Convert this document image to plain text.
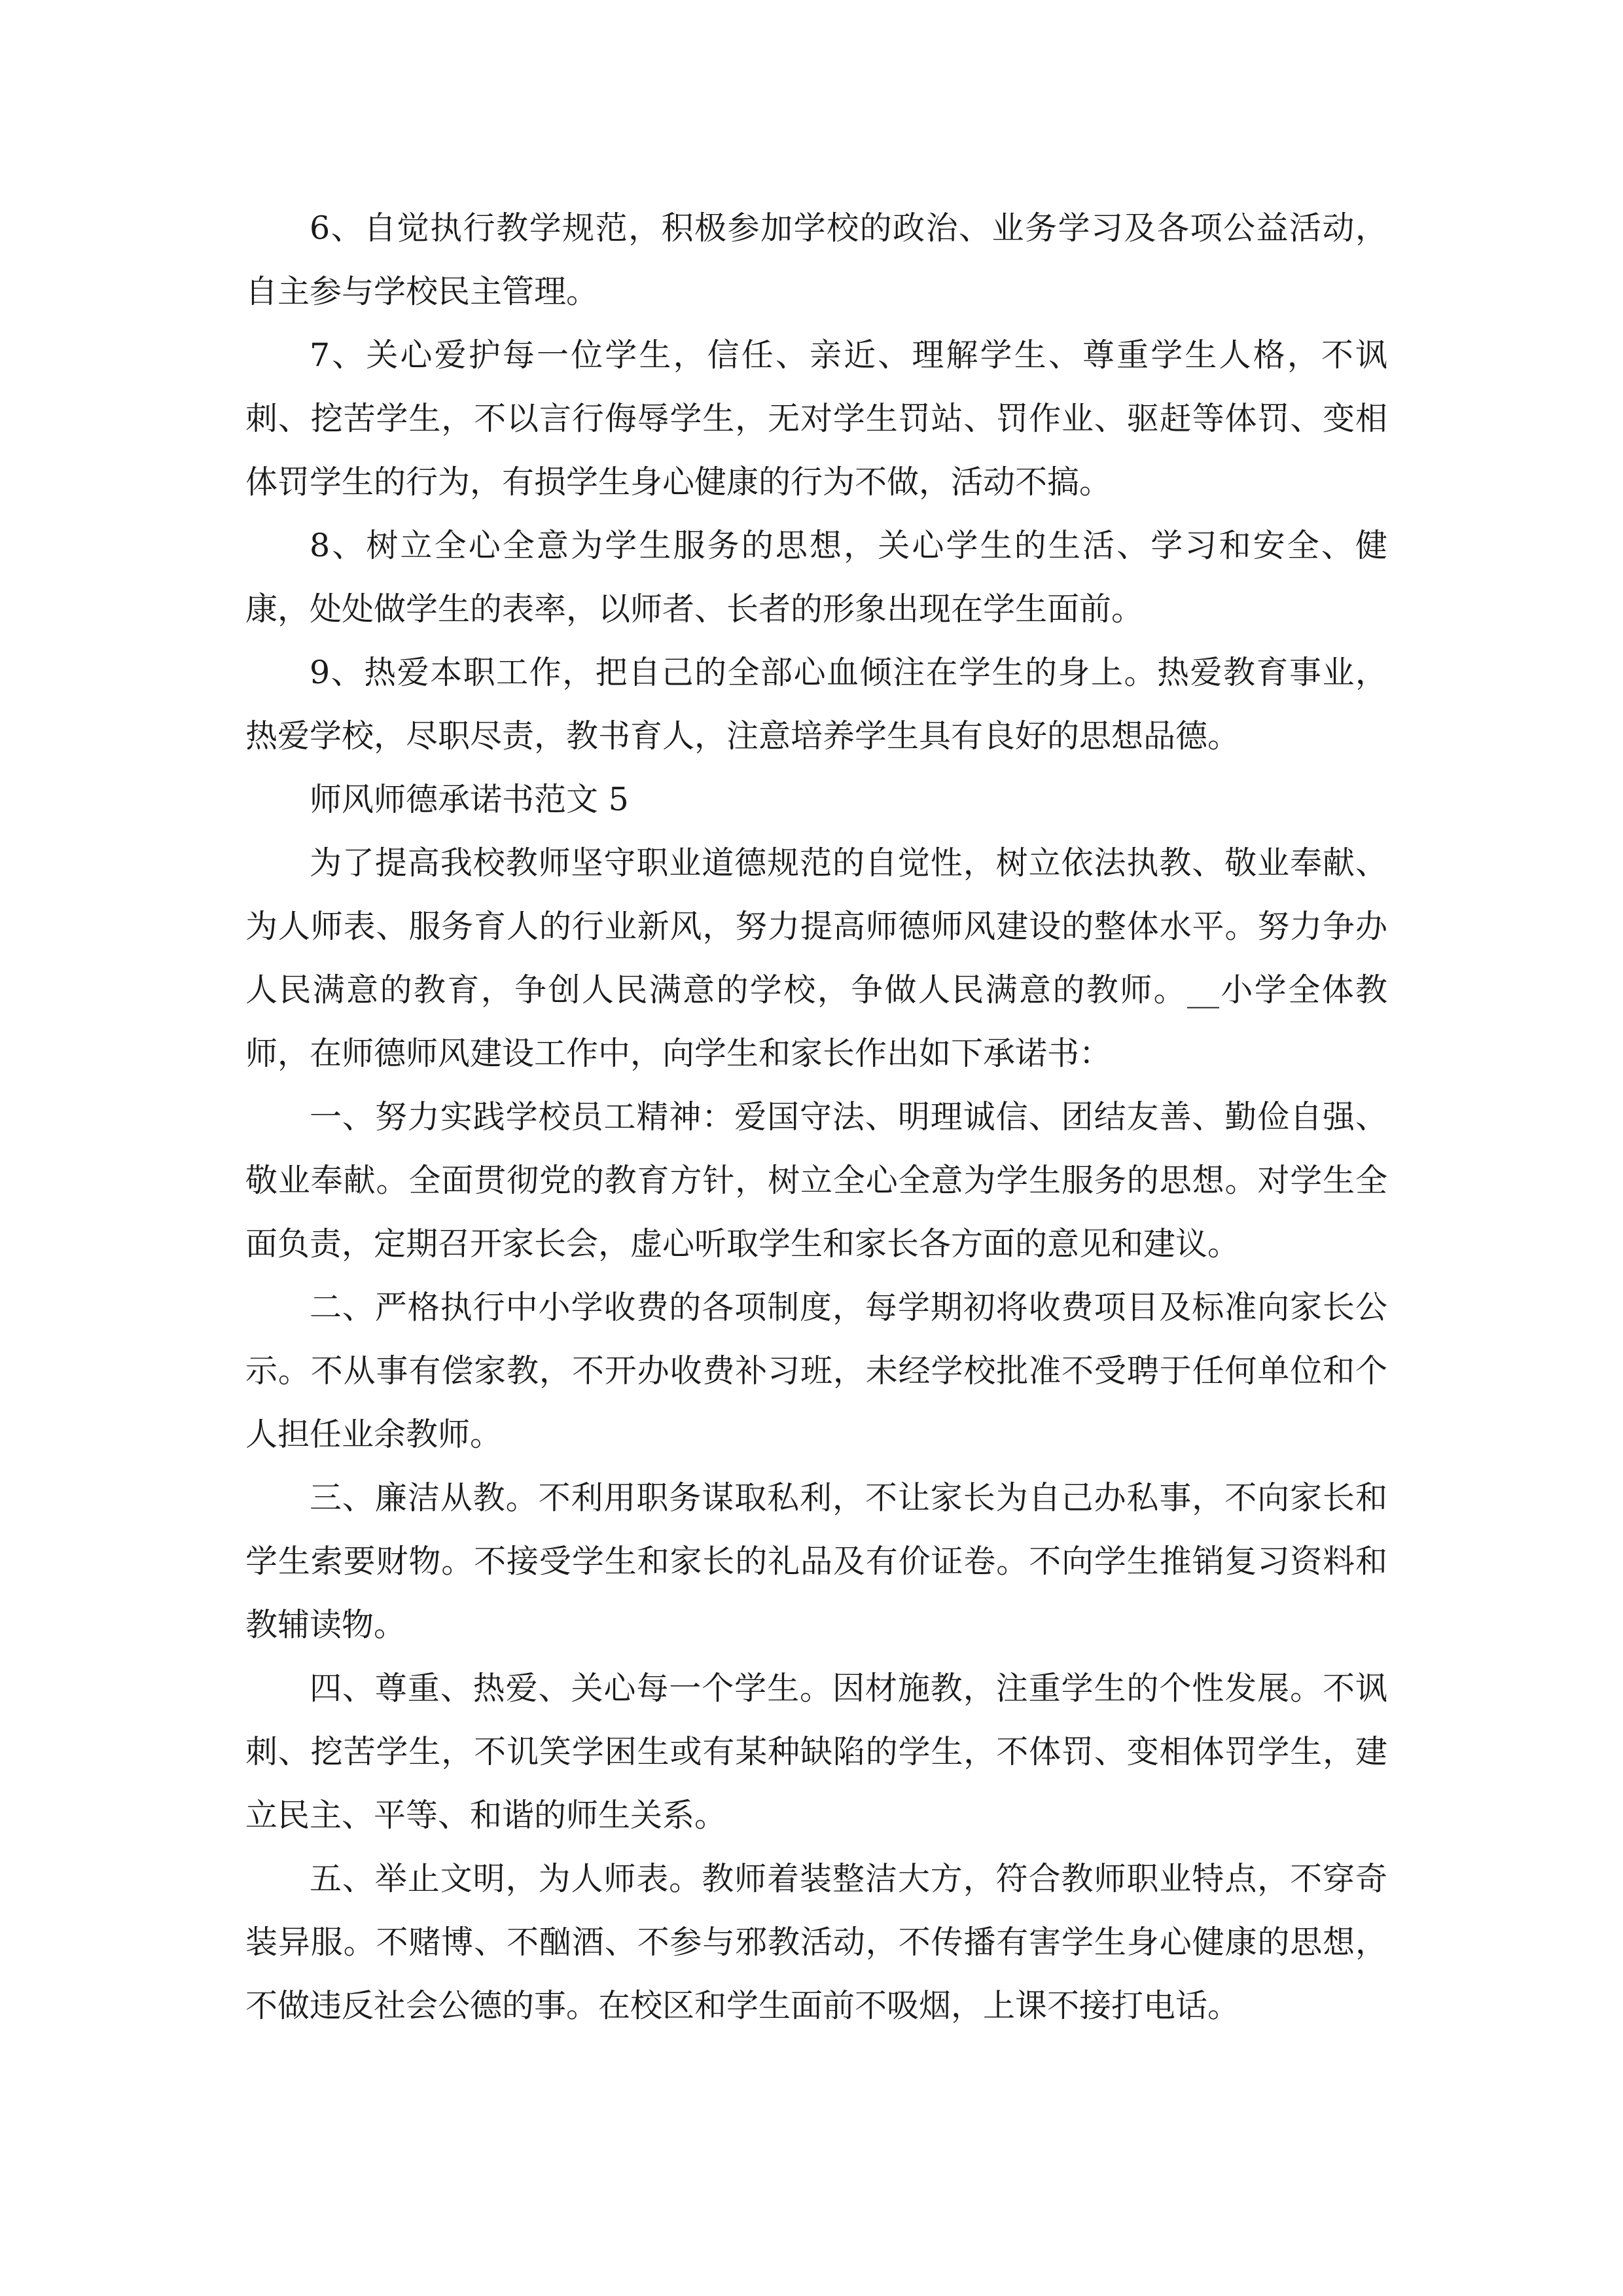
6、自觉执行教学规范，积极参加学校的政治、业务学习及各项公益活动，自主参与学校民主管理。

7、关心爱护每一位学生，信任、亲近、理解学生、尊重学生人格，不讽刺、挖苦学生，不以言行侮辱学生，无对学生罚站、罚作业、驱赶等体罚、变相体罚学生的行为，有损学生身心健康的行为不做，活动不搞。

8、树立全心全意为学生服务的思想，关心学生的生活、学习和安全、健康，处处做学生的表率，以师者、长者的形象出现在学生面前。

9、热爱本职工作，把自己的全部心血倾注在学生的身上。热爱教育事业，热爱学校，尽职尽责，教书育人，注意培养学生具有良好的思想品德。

师风师德承诺书范文 5

为了提高我校教师坚守职业道德规范的自觉性，树立依法执教、敬业奉献、为人师表、服务育人的行业新风，努力提高师德师风建设的整体水平。努力争办人民满意的教育，争创人民满意的学校，争做人民满意的教师。__小学全体教师，在师德师风建设工作中，向学生和家长作出如下承诺书：

一、努力实践学校员工精神：爱国守法、明理诚信、团结友善、勤俭自强、敬业奉献。全面贯彻党的教育方针，树立全心全意为学生服务的思想。对学生全面负责，定期召开家长会，虚心听取学生和家长各方面的意见和建议。

二、严格执行中小学收费的各项制度，每学期初将收费项目及标准向家长公示。不从事有偿家教，不开办收费补习班，未经学校批准不受聘于任何单位和个人担任业余教师。

三、廉洁从教。不利用职务谋取私利，不让家长为自己办私事，不向家长和学生索要财物。不接受学生和家长的礼品及有价证卷。不向学生推销复习资料和教辅读物。

四、尊重、热爱、关心每一个学生。因材施教，注重学生的个性发展。不讽刺、挖苦学生，不讥笑学困生或有某种缺陷的学生，不体罚、变相体罚学生，建立民主、平等、和谐的师生关系。

五、举止文明，为人师表。教师着装整洁大方，符合教师职业特点，不穿奇装异服。不赌博、不酗酒、不参与邪教活动，不传播有害学生身心健康的思想，不做违反社会公德的事。在校区和学生面前不吸烟，上课不接打电话。
